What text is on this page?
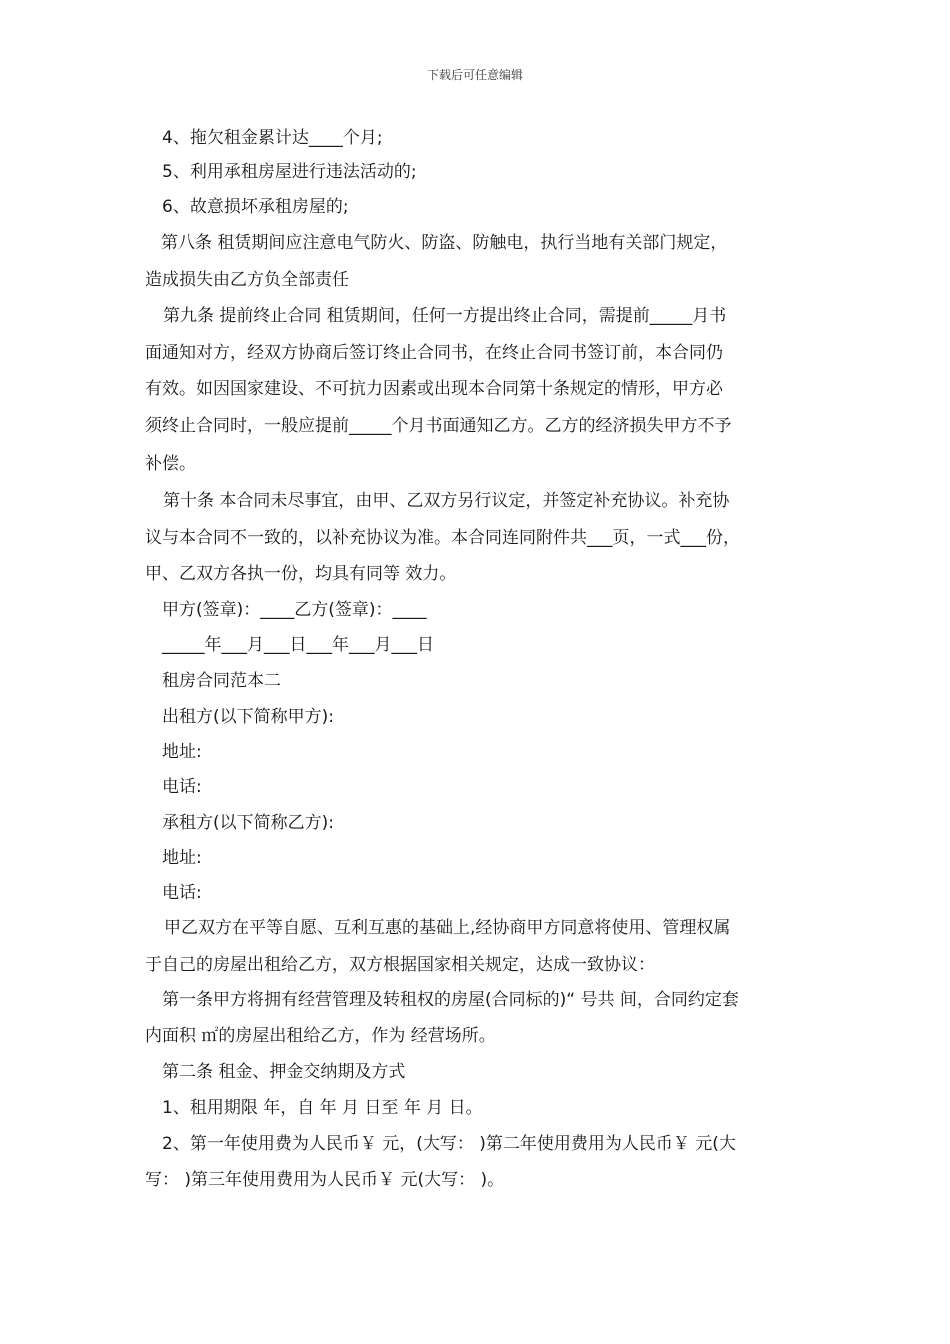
下载后可任意编辑
4、拖欠租金累计达____个月;
5、利用承租房屋进行违法活动的;
6、故意损坏承租房屋的;
第八条 租赁期间应注意电气防火、防盗、防触电，执行当地有关部门规定，
造成损失由乙方负全部责任
第九条 提前终止合同 租赁期间，任何一方提出终止合同，需提前_____月书
面通知对方，经双方协商后签订终止合同书，在终止合同书签订前，本合同仍
有效。如因国家建设、不可抗力因素或出现本合同第十条规定的情形，甲方必
须终止合同时，一般应提前_____个月书面通知乙方。乙方的经济损失甲方不予
补偿。
第十条 本合同未尽事宜，由甲、乙双方另行议定，并签定补充协议。补充协
议与本合同不一致的，以补充协议为准。本合同连同附件共___页，一式___份，
甲、乙双方各执一份，均具有同等 效力。
甲方(签章)：____乙方(签章)：____
_____年___月___日___年___月___日
租房合同范本二
出租方(以下简称甲方):
地址:
电话:
承租方(以下简称乙方):
地址:
电话:
甲乙双方在平等自愿、互利互惠的基础上,经协商甲方同意将使用、管理权属
于自己的房屋出租给乙方，双方根据国家相关规定，达成一致协议：
第一条甲方将拥有经营管理及转租权的房屋(合同标的)“ 号共 间，合同约定套
内面积 ㎡的房屋出租给乙方，作为 经营场所。
第二条 租金、押金交纳期及方式
1、租用期限 年，自 年 月 日至 年 月 日。
2、第一年使用费为人民币￥ 元，(大写： )第二年使用费用为人民币￥ 元(大
写： )第三年使用费用为人民币￥ 元(大写： )。
